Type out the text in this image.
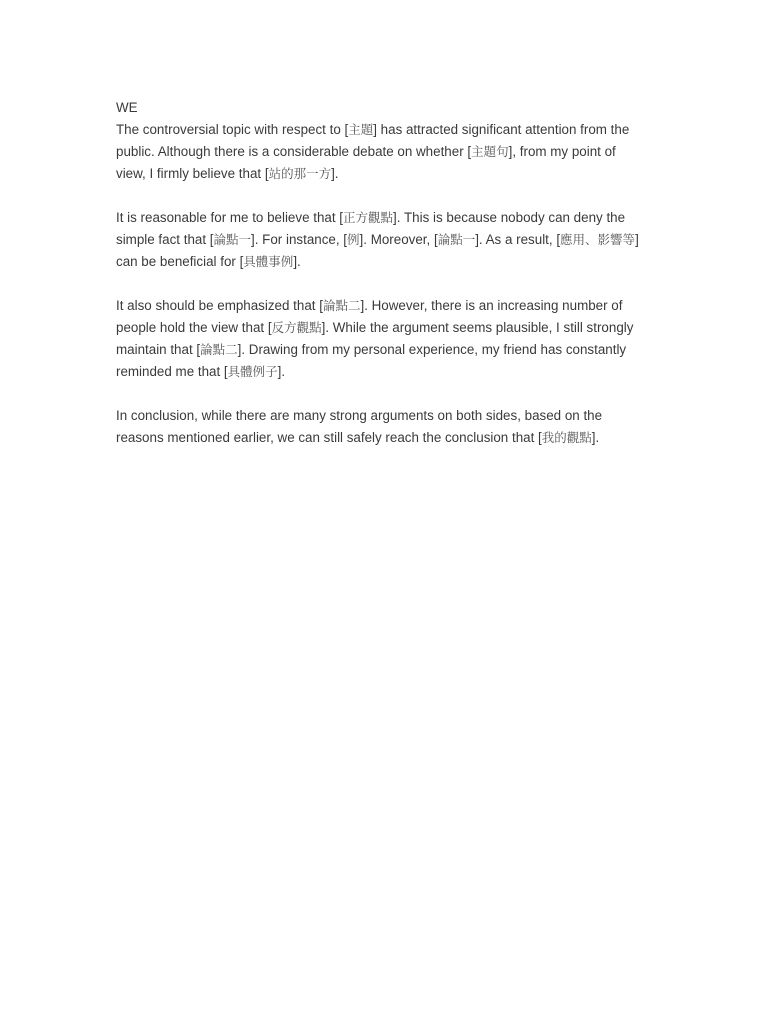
WE

The controversial topic with respect to [主題] has attracted significant attention from the public. Although there is a considerable debate on whether [主題句], from my point of view, I firmly believe that [站的那一方].

It is reasonable for me to believe that [正方觀點]. This is because nobody can deny the simple fact that [論點一]. For instance, [例]. Moreover, [論點一]. As a result, [應用、影響等] can be beneficial for [具體事例].

It also should be emphasized that [論點二]. However, there is an increasing number of people hold the view that [反方觀點]. While the argument seems plausible, I still strongly maintain that [論點二]. Drawing from my personal experience, my friend has constantly reminded me that [具體例子].

In conclusion, while there are many strong arguments on both sides, based on the reasons mentioned earlier, we can still safely reach the conclusion that [我的觀點].
